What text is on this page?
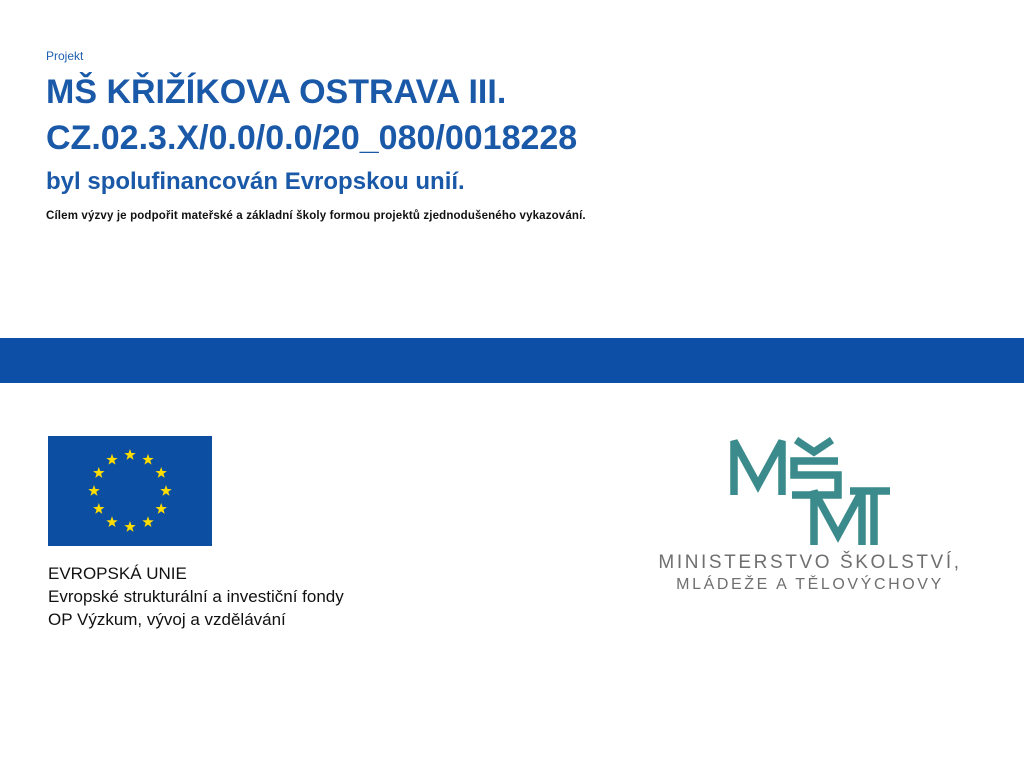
Projekt
MŠ KŘIŽÍKOVA OSTRAVA III.
CZ.02.3.X/0.0/0.0/20_080/0018228
byl spolufinancován Evropskou unií.

Cílem výzvy je podpořit mateřské a základní školy formou projektů zjednodušeného vykazování.

EVROPSKÁ UNIE
Evropské strukturální a investiční fondy
OP Výzkum, vývoj a vzdělávání
MINISTERSTVO ŠKOLSTVÍ,
MLÁDEŽE A TĚLOVÝCHOVY
